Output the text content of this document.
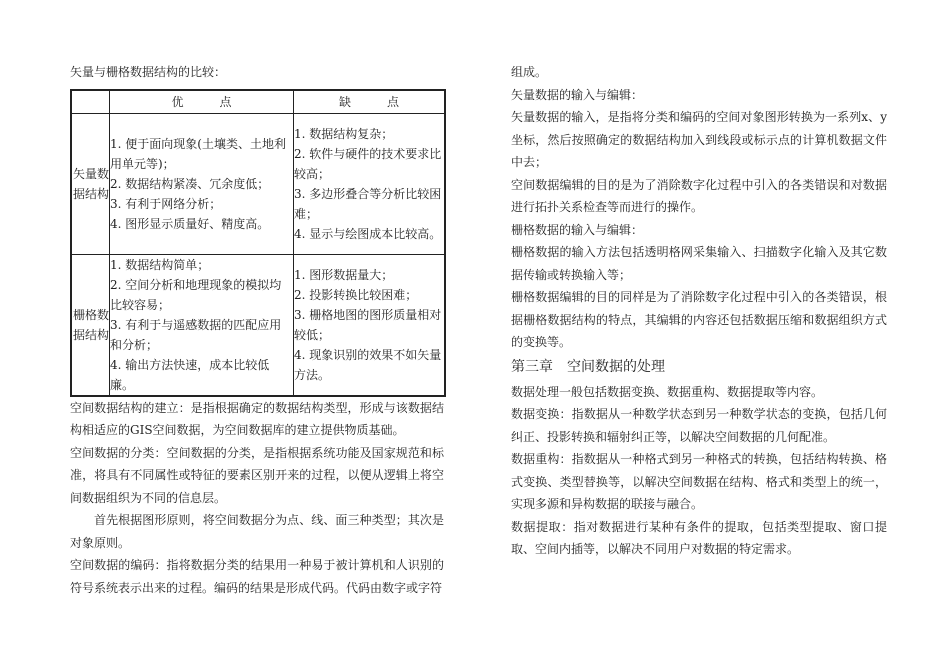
矢量与栅格数据结构的比较：

	优　　　点	缺　　　点
矢量数据结构	1. 便于面向现象(土壤类、土地利用单元等)；
2. 数据结构紧凑、冗余度低；
3. 有利于网络分析；
4. 图形显示质量好、精度高。	1. 数据结构复杂；
2. 软件与硬件的技术要求比较高；
3. 多边形叠合等分析比较困难；
4. 显示与绘图成本比较高。

栅格数据结构	1. 数据结构简单；
2. 空间分析和地理现象的模拟均比较容易；
3. 有利于与遥感数据的匹配应用和分析；
4. 输出方法快速，成本比较低廉。	1. 图形数据量大；
2. 投影转换比较困难；
3. 栅格地图的图形质量相对较低；
4. 现象识别的效果不如矢量方法。

空间数据结构的建立：是指根据确定的数据结构类型，形成与该数据结构相适应的GIS空间数据，为空间数据库的建立提供物质基础。

空间数据的分类：空间数据的分类，是指根据系统功能及国家规范和标准，将具有不同属性或特征的要素区别开来的过程，以便从逻辑上将空间数据组织为不同的信息层。

首先根据图形原则，将空间数据分为点、线、面三种类型；其次是对象原则。

空间数据的编码：指将数据分类的结果用一种易于被计算机和人识别的符号系统表示出来的过程。编码的结果是形成代码。代码由数字或字符

组成。

矢量数据的输入与编辑：

矢量数据的输入，是指将分类和编码的空间对象图形转换为一系列x、y坐标，然后按照确定的数据结构加入到线段或标示点的计算机数据文件中去；

空间数据编辑的目的是为了消除数字化过程中引入的各类错误和对数据进行拓扑关系检查等而进行的操作。

栅格数据的输入与编辑：

栅格数据的输入方法包括透明格网采集输入、扫描数字化输入及其它数据传输或转换输入等；

栅格数据编辑的目的同样是为了消除数字化过程中引入的各类错误，根据栅格数据结构的特点，其编辑的内容还包括数据压缩和数据组织方式的变换等。

第三章　空间数据的处理

数据处理一般包括数据变换、数据重构、数据提取等内容。

数据变换：指数据从一种数学状态到另一种数学状态的变换，包括几何纠正、投影转换和辐射纠正等，以解决空间数据的几何配准。

数据重构：指数据从一种格式到另一种格式的转换，包括结构转换、格式变换、类型替换等，以解决空间数据在结构、格式和类型上的统一，实现多源和异构数据的联接与融合。

数据提取：指对数据进行某种有条件的提取，包括类型提取、窗口提取、空间内插等，以解决不同用户对数据的特定需求。
